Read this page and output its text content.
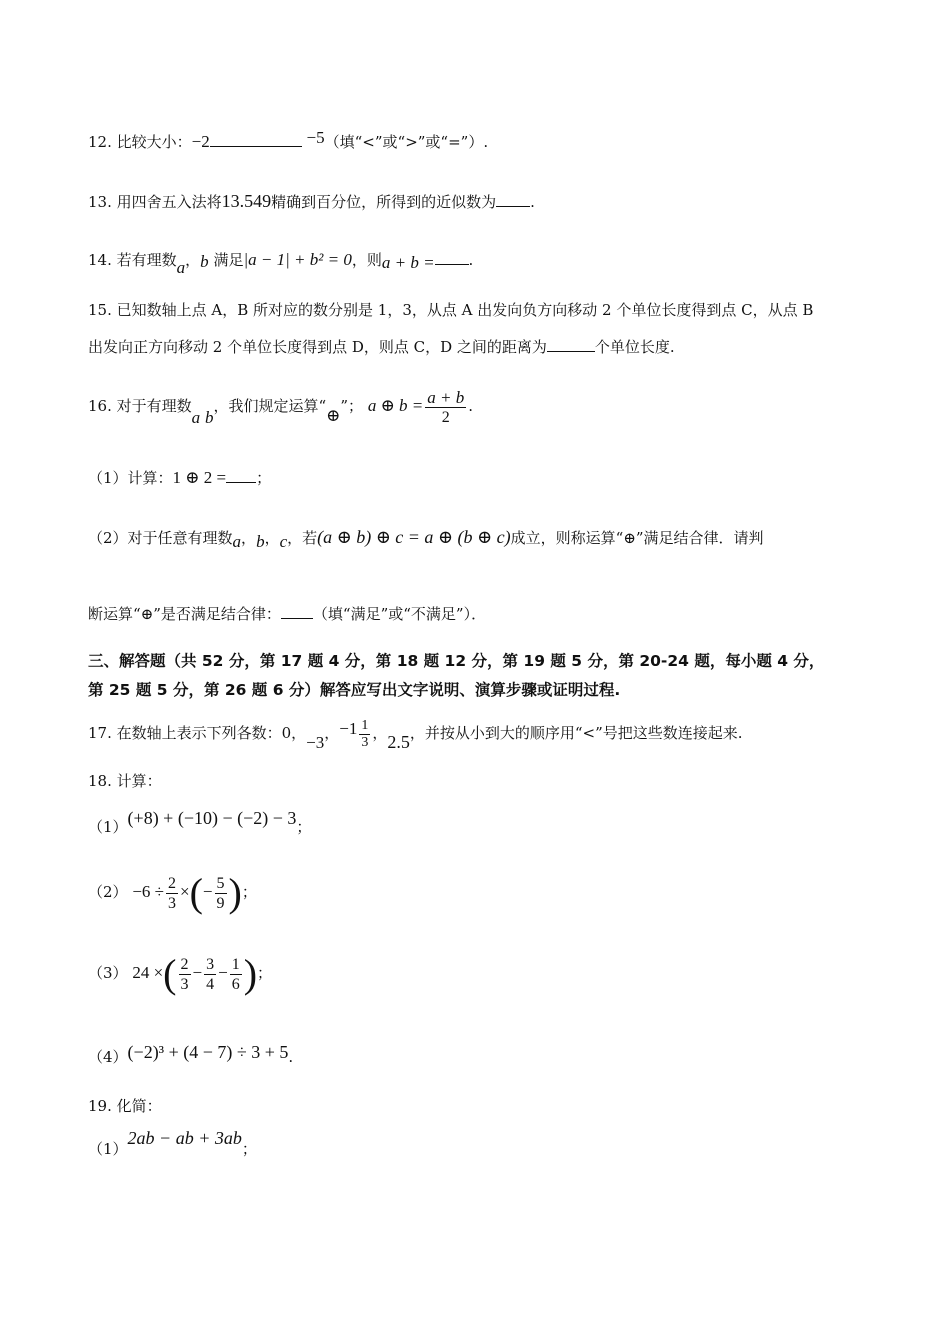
12. 比较大小：−2	−5（填“<”或“>”或“=”）.
13. 用四舍五入法将13.549精确到百分位，所得到的近似数为 .
14. 若有理数a，b 满足|a − 1| + b² = 0，则a + b = .
15. 已知数轴上点 A，B 所对应的数分别是 1，3，从点 A 出发向负方向移动 2 个单位长度得到点 C，从点 B
出发向正方向移动 2 个单位长度得到点 D，则点 C，D 之间的距离为	个单位长度.
16. 对于有理数a b，我们规定运算“⊕”； a ⊕ $b = \frac{a + b}{2}$ .
（1）计算：1 ⊕ 2 = ；
（2）对于任意有理数a，b，c，若(a ⊕ b) ⊕ c = a ⊕ (b ⊕ c)成立，则称运算“⊕”满足结合律．请判
断运算“⊕”是否满足结合律： （填“满足”或“不满足”）．
三、解答题（共 52 分，第 17 题 4 分，第 18 题 12 分，第 19 题 5 分，第 20-24 题，每小题 4 分，
第 25 题 5 分，第 26 题 6 分）解答应写出文字说明、演算步骤或证明过程.
17. 在数轴上表示下列各数：0，−3，$-1 \frac{1}{3}$ ，2.5，并按从小到大的顺序用“<”号把这些数连接起来.
18. 计算：
（1）(+8) + (−10) − (−2) − 3；
$(2) -6 \div \frac{2}{3}$ ×(− $\frac{5}{9}$ )；
（3） 24 ×( $\frac{2}{3} - \frac{3}{4} - \frac{1}{6}$ )；
（4）(−2)³ + (4 − 7) ÷ 3 + 5.
19. 化简：
（1）2ab − ab + 3ab；
